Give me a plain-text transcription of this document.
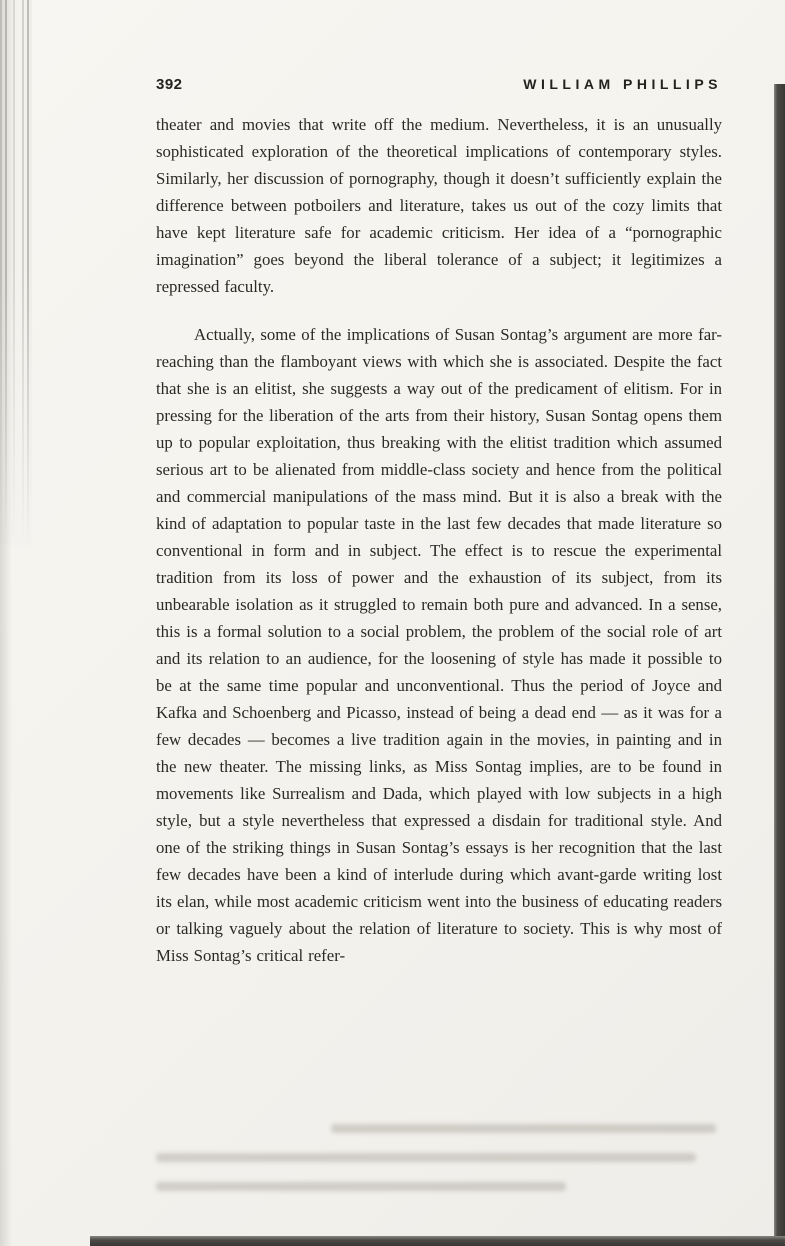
392	WILLIAM PHILLIPS

theater and movies that write off the medium. Nevertheless, it is an unusually sophisticated exploration of the theoretical implications of contemporary styles. Similarly, her discussion of pornography, though it doesn’t sufficiently explain the difference between potboilers and literature, takes us out of the cozy limits that have kept literature safe for academic criticism. Her idea of a “pornographic imagination” goes beyond the liberal tolerance of a subject; it legitimizes a repressed faculty.

Actually, some of the implications of Susan Sontag’s argument are more far-reaching than the flamboyant views with which she is associated. Despite the fact that she is an elitist, she suggests a way out of the predicament of elitism. For in pressing for the liberation of the arts from their history, Susan Sontag opens them up to popular exploitation, thus breaking with the elitist tradition which assumed serious art to be alienated from middle-class society and hence from the political and commercial manipulations of the mass mind. But it is also a break with the kind of adaptation to popular taste in the last few decades that made literature so conventional in form and in subject. The effect is to rescue the experimental tradition from its loss of power and the exhaustion of its subject, from its unbearable isolation as it struggled to remain both pure and advanced. In a sense, this is a formal solution to a social problem, the problem of the social role of art and its relation to an audience, for the loosening of style has made it possible to be at the same time popular and unconventional. Thus the period of Joyce and Kafka and Schoenberg and Picasso, instead of being a dead end — as it was for a few decades — becomes a live tradition again in the movies, in painting and in the new theater. The missing links, as Miss Sontag implies, are to be found in movements like Surrealism and Dada, which played with low subjects in a high style, but a style nevertheless that expressed a disdain for traditional style. And one of the striking things in Susan Sontag’s essays is her recognition that the last few decades have been a kind of interlude during which avant-garde writing lost its elan, while most academic criticism went into the business of educating readers or talking vaguely about the relation of literature to society. This is why most of Miss Sontag’s critical refer-
